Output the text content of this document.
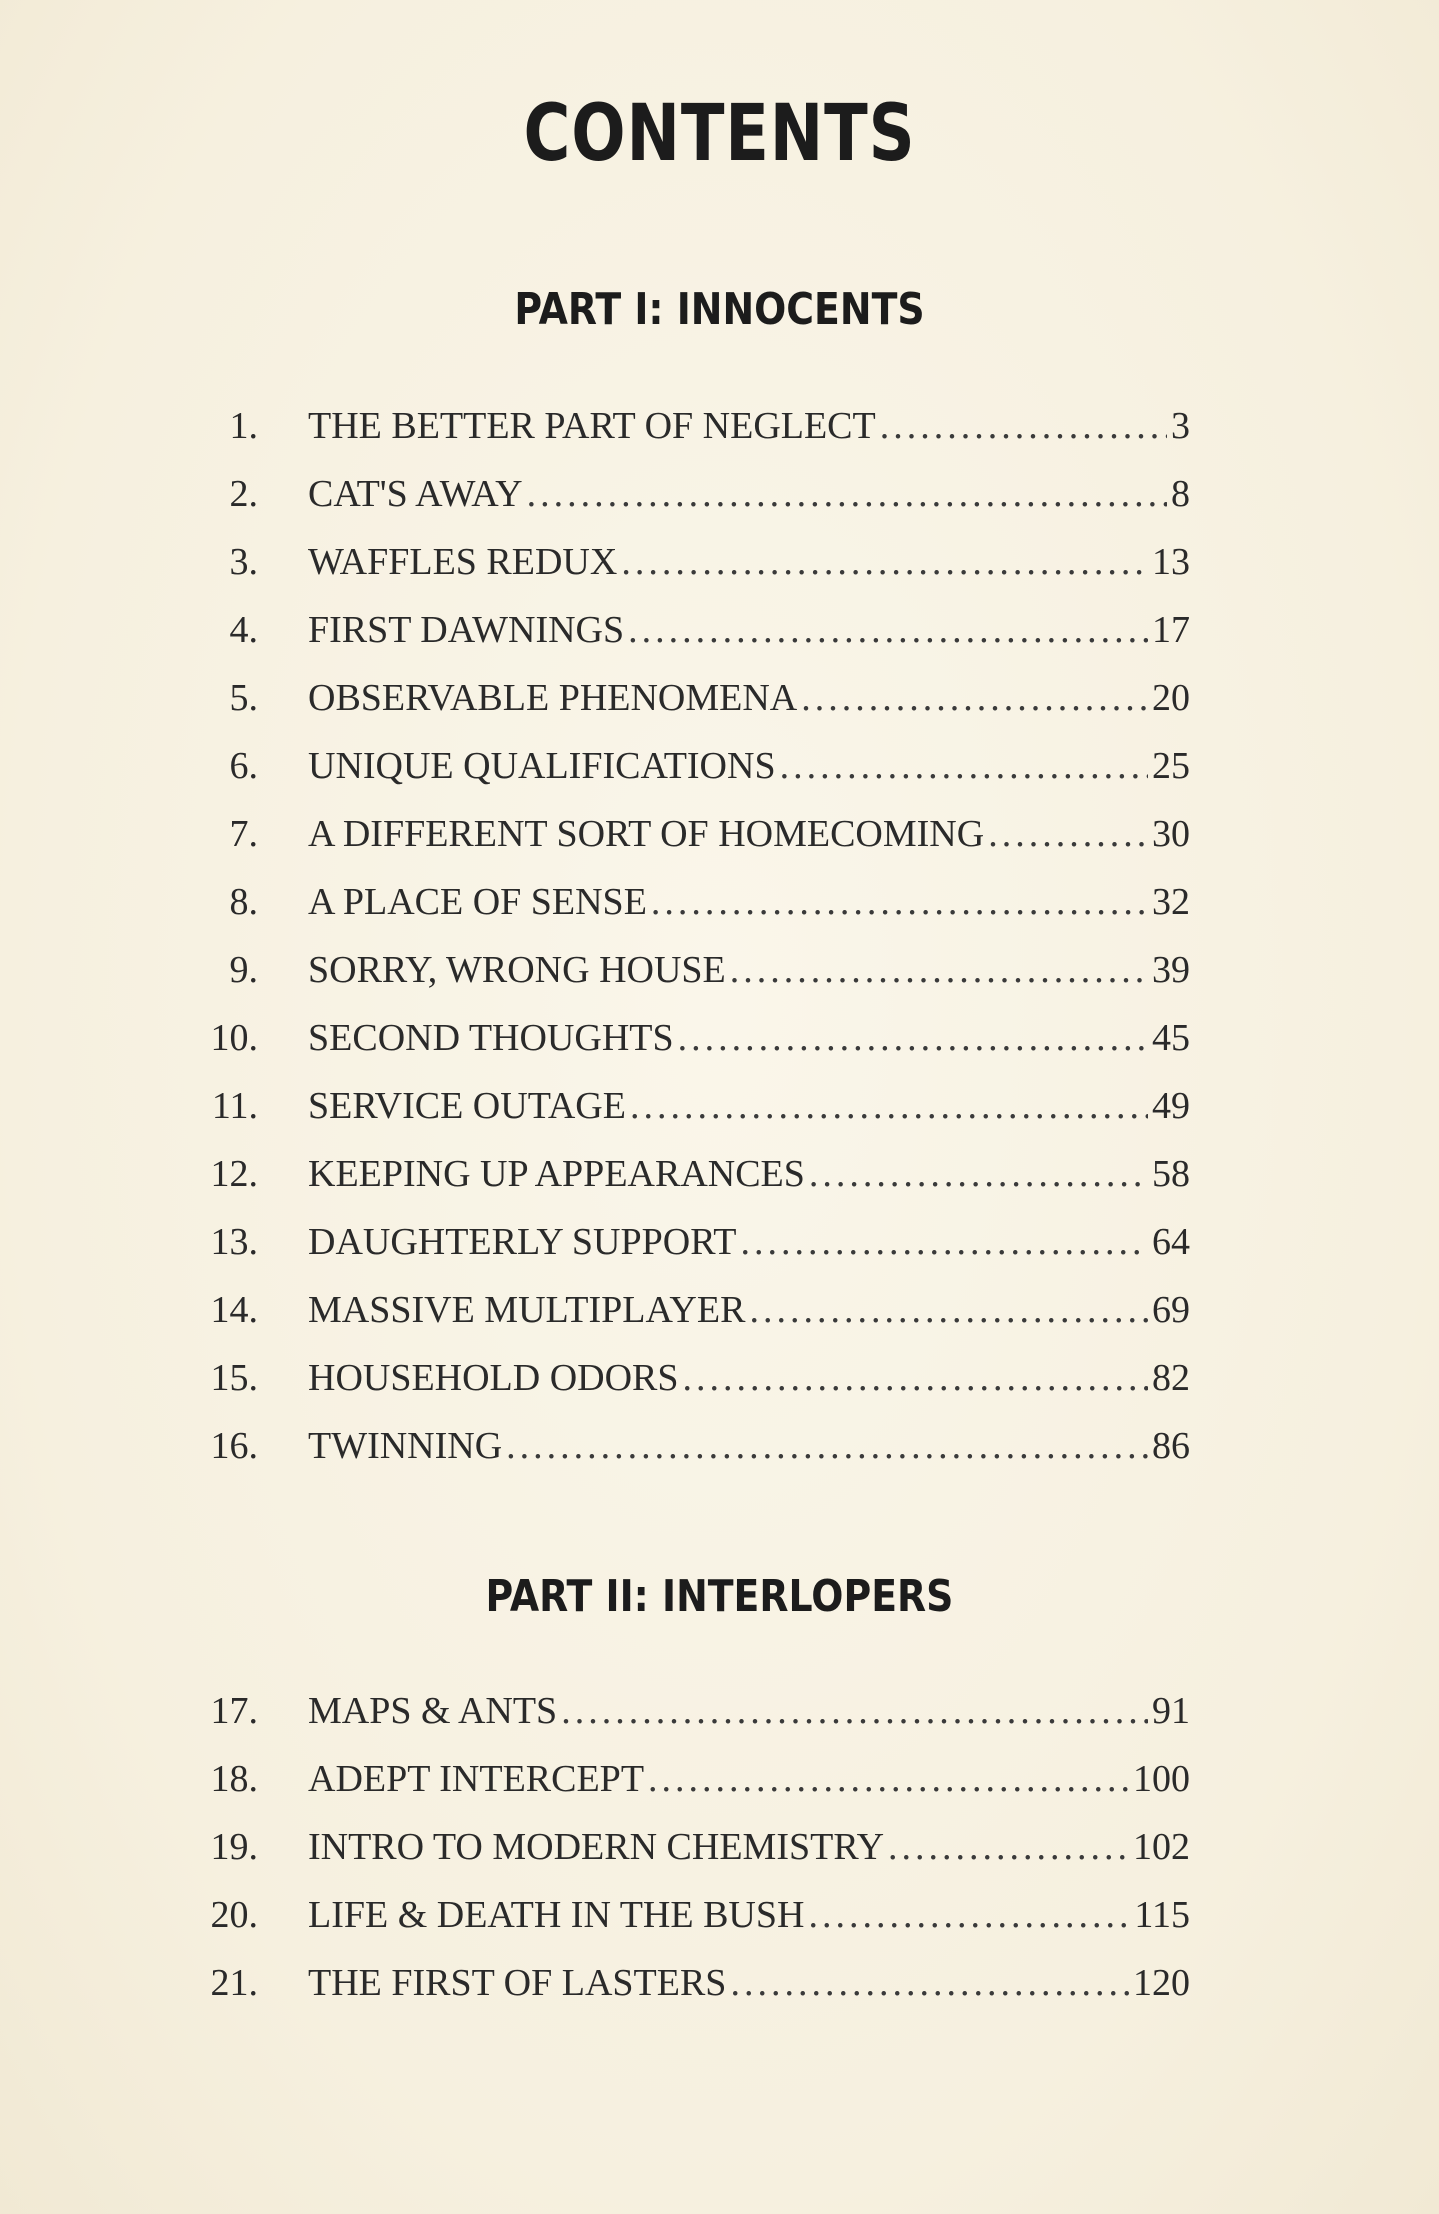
CONTENTS
PART I: INNOCENTS
1. THE BETTER PART OF NEGLECT .....	3
2. CAT'S AWAY .....	8
3. WAFFLES REDUX .....	13
4. FIRST DAWNINGS .....	17
5. OBSERVABLE PHENOMENA .....	20
6. UNIQUE QUALIFICATIONS .....	25
7. A DIFFERENT SORT OF HOMECOMING .....	30
8. A PLACE OF SENSE .....	32
9. SORRY, WRONG HOUSE .....	39
10. SECOND THOUGHTS .....	45
11. SERVICE OUTAGE .....	49
12. KEEPING UP APPEARANCES .....	58
13. DAUGHTERLY SUPPORT .....	64
14. MASSIVE MULTIPLAYER .....	69
15. HOUSEHOLD ODORS .....	82
16. TWINNING .....	86
PART II: INTERLOPERS
17. MAPS & ANTS .....	91
18. ADEPT INTERCEPT .....	100
19. INTRO TO MODERN CHEMISTRY .....	102
20. LIFE & DEATH IN THE BUSH .....	115
21. THE FIRST OF LASTERS .....	120
